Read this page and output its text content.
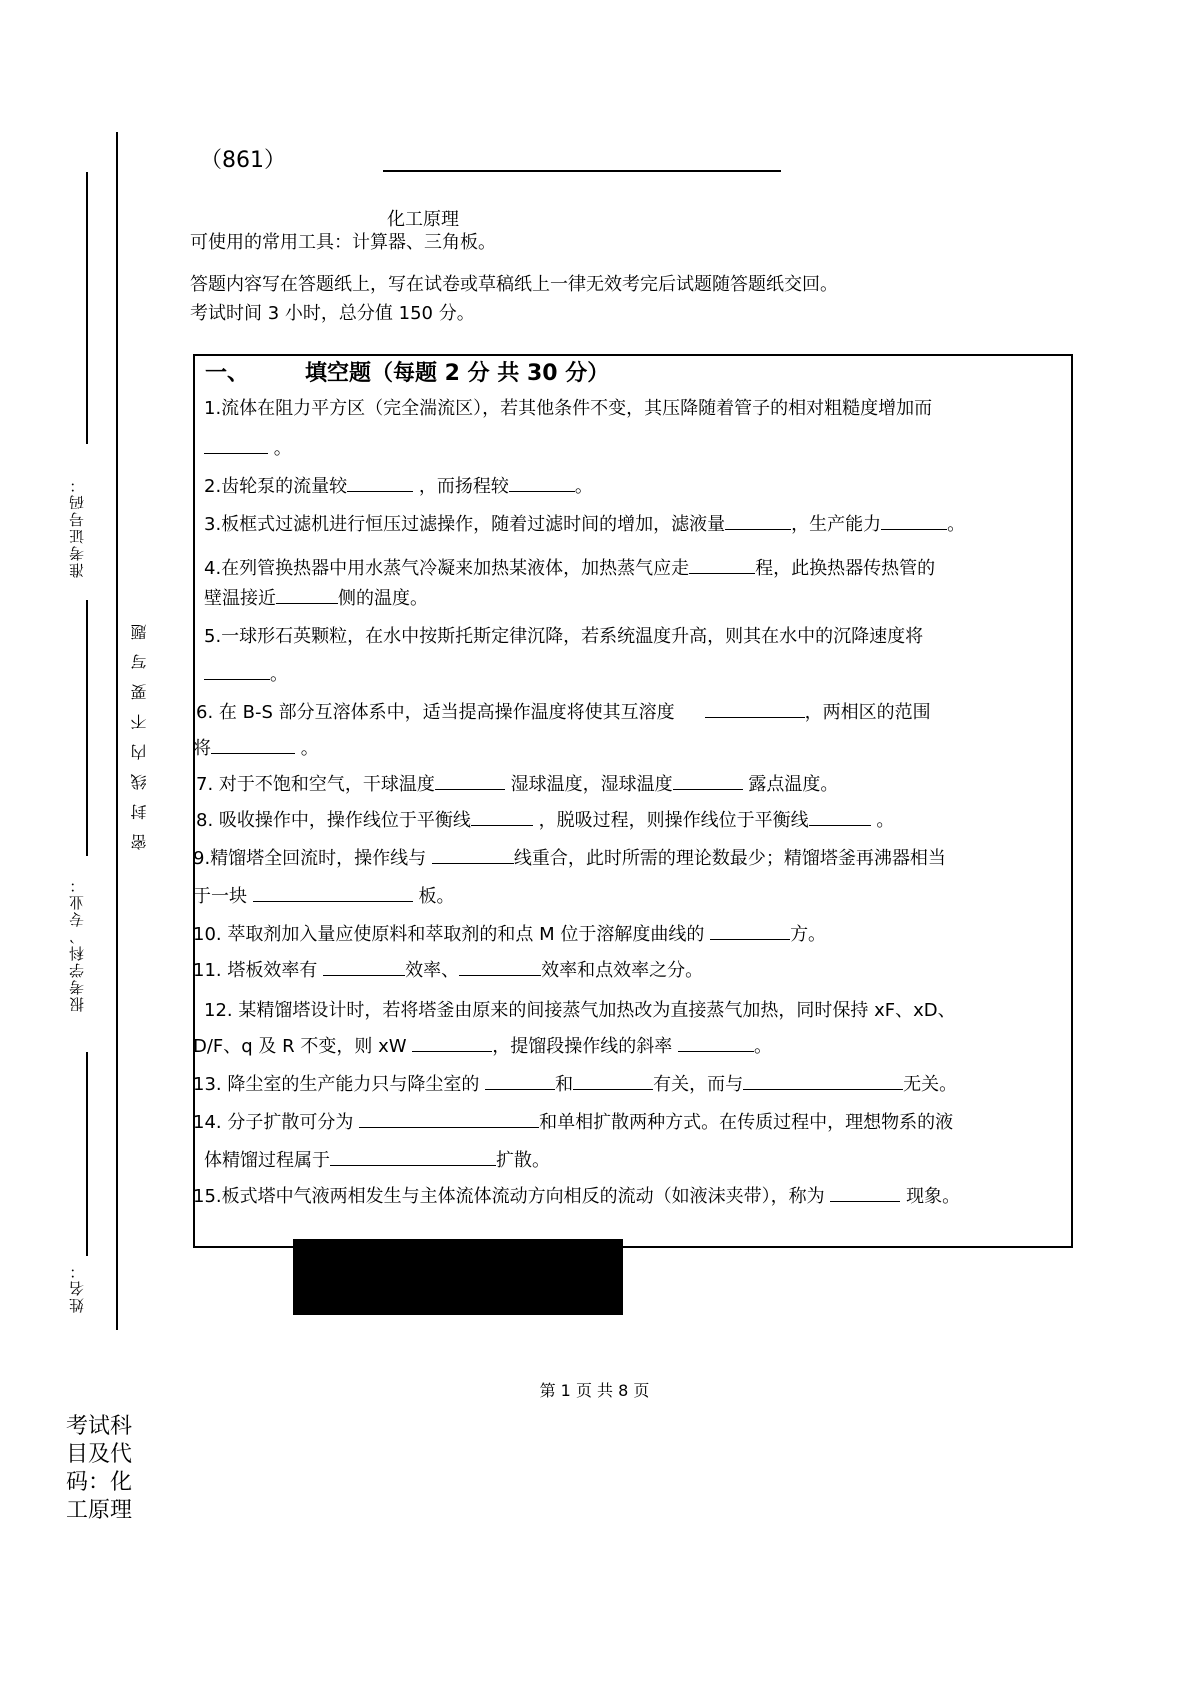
准考证号码：
报考学科、专业：
姓名：
密封线内不要写题
（861）
化工原理
可使用的常用工具：计算器、三角板。
答题内容写在答题纸上，写在试卷或草稿纸上一律无效考完后试题随答题纸交回。
考试时间 3 小时，总分值 150 分。
一、	填空题（每题 2 分 共 30 分）
1.流体在阻力平方区（完全湍流区），若其他条件不变，其压降随着管子的相对粗糙度增加而
。
2.齿轮泵的流量较	，而扬程较	。
3.板框式过滤机进行恒压过滤操作，随着过滤时间的增加，滤液量	，生产能力	。
4.在列管换热器中用水蒸气冷凝来加热某液体，加热蒸气应走	程，此换热器传热管的
壁温接近	侧的温度。
5.一球形石英颗粒，在水中按斯托斯定律沉降，若系统温度升高，则其在水中的沉降速度将
。
6. 在 B-S 部分互溶体系中，适当提高操作温度将使其互溶度	，两相区的范围
将	。
7. 对于不饱和空气，干球温度	湿球温度，湿球温度	露点温度。
8. 吸收操作中，操作线位于平衡线	，脱吸过程，则操作线位于平衡线	。
9.精馏塔全回流时，操作线与	线重合，此时所需的理论数最少；精馏塔釜再沸器相当
于一块	板。
10. 萃取剂加入量应使原料和萃取剂的和点 M 位于溶解度曲线的	方。
11. 塔板效率有	效率、	效率和点效率之分。
12. 某精馏塔设计时，若将塔釜由原来的间接蒸气加热改为直接蒸气加热，同时保持 xF、xD、
D/F、q 及 R 不变，则 xW	，提馏段操作线的斜率	。
13. 降尘室的生产能力只与降尘室的	和	有关，而与	无关。
14. 分子扩散可分为	和单相扩散两种方式。在传质过程中，理想物系的液
体精馏过程属于	扩散。
15.板式塔中气液两相发生与主体流体流动方向相反的流动（如液沫夹带），称为	现象。
第 1 页 共 8 页
考试科目及代码：化工原理
